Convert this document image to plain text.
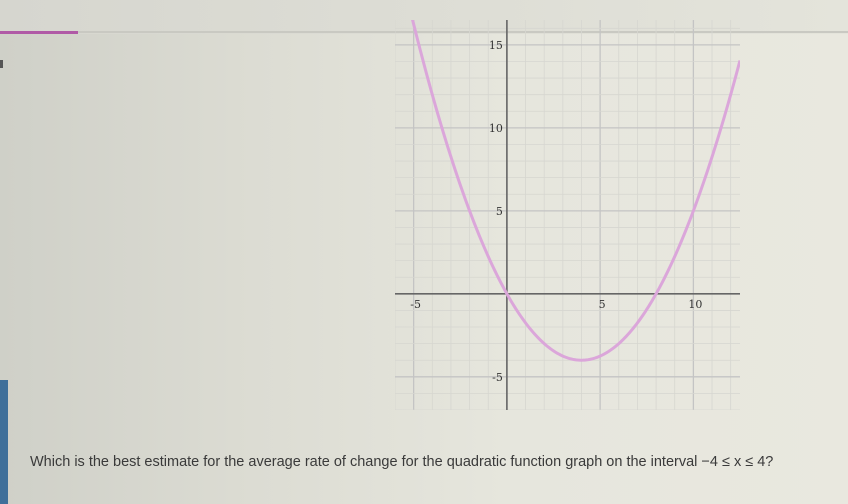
-5	5	10
15
10
5
-5
Which is the best estimate for the average rate of change for the quadratic function graph on the interval −4 ≤ x ≤ 4?
